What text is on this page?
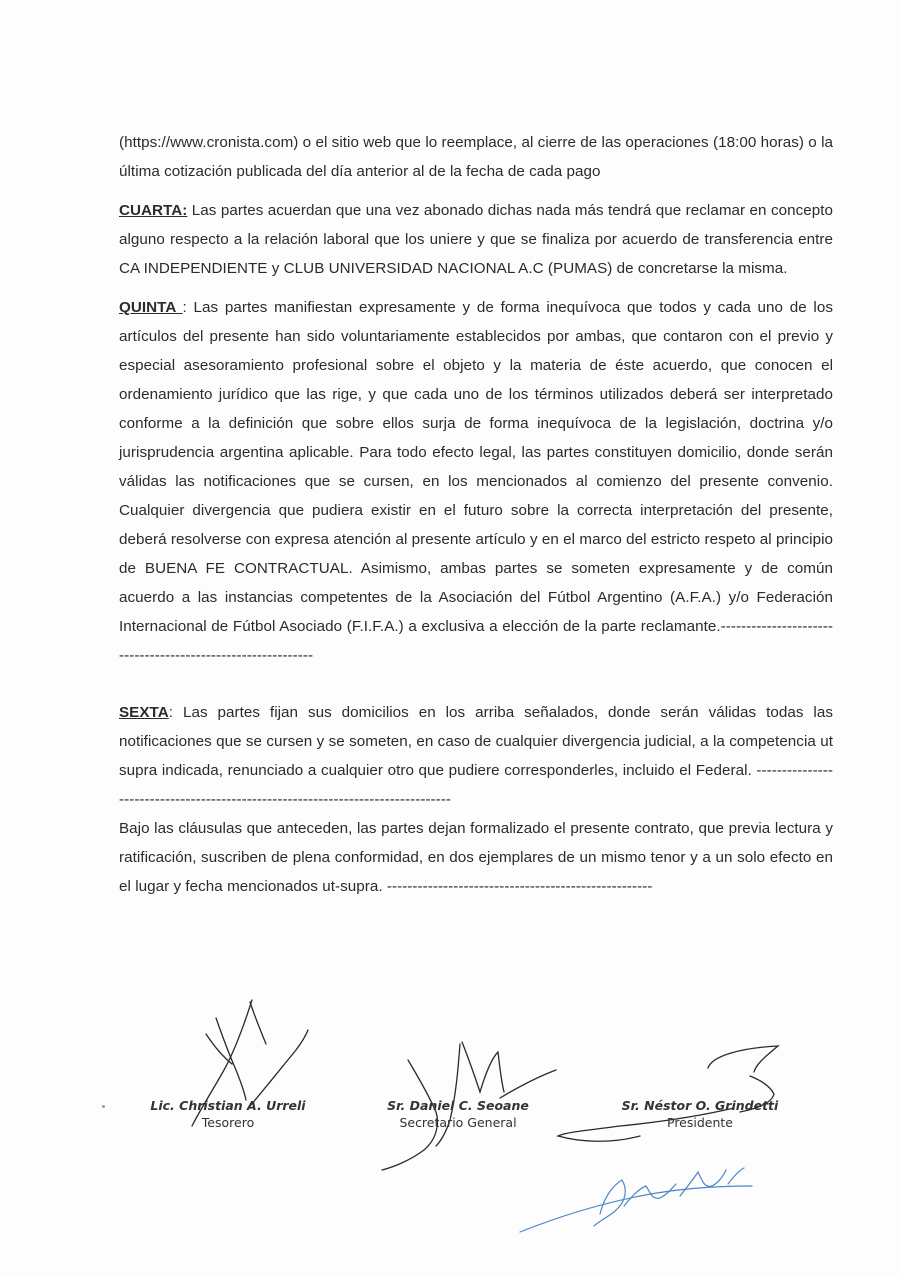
(https://www.cronista.com) o el sitio web que lo reemplace, al cierre de las operaciones (18:00 horas) o la última cotización publicada del día anterior al de la fecha de cada pago

CUARTA: Las partes acuerdan que una vez abonado dichas nada más tendrá que reclamar en concepto alguno respecto a la relación laboral que los uniere y que se finaliza por acuerdo de transferencia entre CA INDEPENDIENTE y CLUB UNIVERSIDAD NACIONAL A.C (PUMAS) de concretarse la misma.

QUINTA : Las partes manifiestan expresamente y de forma inequívoca que todos y cada uno de los artículos del presente han sido voluntariamente establecidos por ambas, que contaron con el previo y especial asesoramiento profesional sobre el objeto y la materia de éste acuerdo, que conocen el ordenamiento jurídico que las rige, y que cada uno de los términos utilizados deberá ser interpretado conforme a la definición que sobre ellos surja de forma inequívoca de la legislación, doctrina y/o jurisprudencia argentina aplicable. Para todo efecto legal, las partes constituyen domicilio, donde serán válidas las notificaciones que se cursen, en los mencionados al comienzo del presente convenio. Cualquier divergencia que pudiera existir en el futuro sobre la correcta interpretación del presente, deberá resolverse con expresa atención al presente artículo y en el marco del estricto respeto al principio de BUENA FE CONTRACTUAL. Asimismo, ambas partes se someten expresamente y de común acuerdo a las instancias competentes de la Asociación del Fútbol Argentino (A.F.A.) y/o Federación Internacional de Fútbol Asociado (F.I.F.A.) a exclusiva a elección de la parte reclamante.------------------------------------------------------------

SEXTA: Las partes fijan sus domicilios en los arriba señalados, donde serán válidas todas las notificaciones que se cursen y se someten, en caso de cualquier divergencia judicial, a la competencia ut supra indicada, renunciado a cualquier otro que pudiere corresponderles, incluido el Federal. --------------------------------------------------------------------------------

Bajo las cláusulas que anteceden, las partes dejan formalizado el presente contrato, que previa lectura y ratificación, suscriben de plena conformidad, en dos ejemplares de un mismo tenor y a un solo efecto en el lugar y fecha mencionados ut-supra. ----------------------------------------------------

Lic. Christian A. Urreli
Tesorero
Sr. Daniel C. Seoane
Secretario General
Sr. Néstor O. Grindetti
Presidente
